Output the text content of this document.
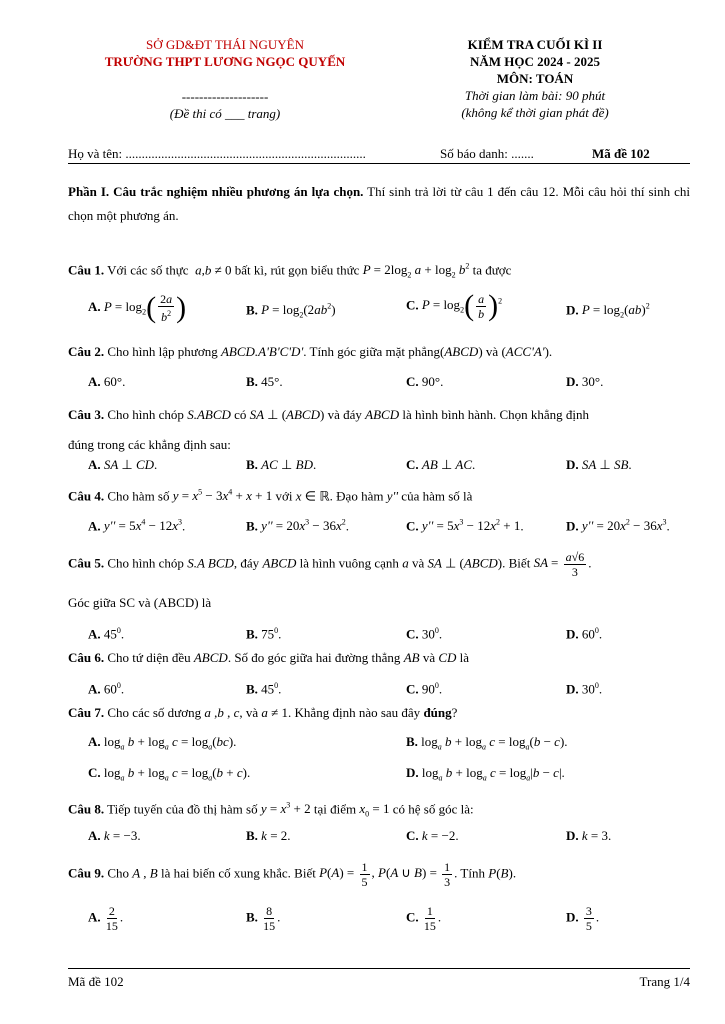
SỞ GD&ĐT THÁI NGUYÊN
TRƯỜNG THPT LƯƠNG NGỌC QUYẾN
--------------------
(Đề thi có ___ trang)
KIỂM TRA CUỐI KÌ II
NĂM HỌC 2024 - 2025
MÔN: TOÁN
Thời gian làm bài: 90 phút
(không kể thời gian phát đề)
Họ và tên: ..........................................................................	Số báo danh: .......	Mã đề 102
Phần I. Câu trắc nghiệm nhiều phương án lựa chọn. Thí sinh trả lời từ câu 1 đến câu 12. Mỗi câu hỏi thí sinh chỉ chọn một phương án.
Câu 1. Với các số thực  a,b ≠ 0 bất kì, rút gọn biểu thức $P = 2\log_2$ $a + \log_2 b^2$ ta được
A. $P = \log_2( \frac{2a}{b^2}$ )	B. $P = \log_2(2ab^2)$	C. $P = \log_2( \frac{a}{b} )^2$
D. $P = \log_2(ab)^2$
Câu 2. Cho hình lập phương ABCD.A'B'C'D'. Tính góc giữa mặt phẳng(ABCD) và (ACC'A').
A. 60°.	B. 45°.	C. 90°.	D. 30°.
Câu 3. Cho hình chóp S.ABCD có SA ⊥ (ABCD) và đáy ABCD là hình bình hành. Chọn khẳng định
đúng trong các khẳng định sau:
A. SA ⊥ CD.	B. AC ⊥ BD.	C. AB ⊥ AC.	D. SA ⊥ SB.
Câu 4. Cho hàm số $y = x^5 - 3x^4 + x + 1$ với x ∈ ℝ. Đạo hàm y'' của hàm số là
A. $y'' = 5x^4 - 12x^3$.	B. $y'' = 20x^3 - 36x^2$.	C. $y'' = 5x^3 - 12x^2 + 1$.	D. $y'' = 20x^2 - 36x^3$.
Câu 5. Cho hình chóp S.A BCD, đáy ABCD là hình vuông cạnh a và SA ⊥ (ABCD). Biết SA = $\frac{a√6}{3}$ .
Góc giữa SC và (ABCD) là
A. $45^0$.	B. $75^0$.	C. $30^0$.	D. $60^0$.
Câu 6. Cho tứ diện đều ABCD. Số đo góc giữa hai đường thẳng AB và CD là
A. $60^0$.	B. $45^0$.	C. $90^0$.	D. $30^0$.
Câu 7. Cho các số dương a ,b , c, và a ≠ 1. Khẳng định nào sau đây đúng?
A. $\log_a b + \log_a c = \log_a(bc)$.	B. $\log_a b + \log_a c = \log_a(b - c)$.
C. $\log_a b + \log_a c = \log_a(b + c)$.	D. $\log_a b + \log_a c = \log_a|b - c|$.
Câu 8. Tiếp tuyến của đồ thị hàm số $y = x^3 + 2$ tại điểm $x_0 = 1$ có hệ số góc là:
A. k = −3.	B. k = 2.	C. k = −2.	D. k = 3.
Câu 9. Cho A , B là hai biến cố xung khắc. Biết $P(A) = \frac{1}{5}$ , P(A ∪ $B) = \frac{1}{3}$ . Tính P(B).
A. $\frac{2}{15}$ .	B. $\frac{8}{15}$ .	C. $\frac{1}{15}$ .	D. $\frac{3}{5}$ .
Mã đề 102	Trang 1/4
